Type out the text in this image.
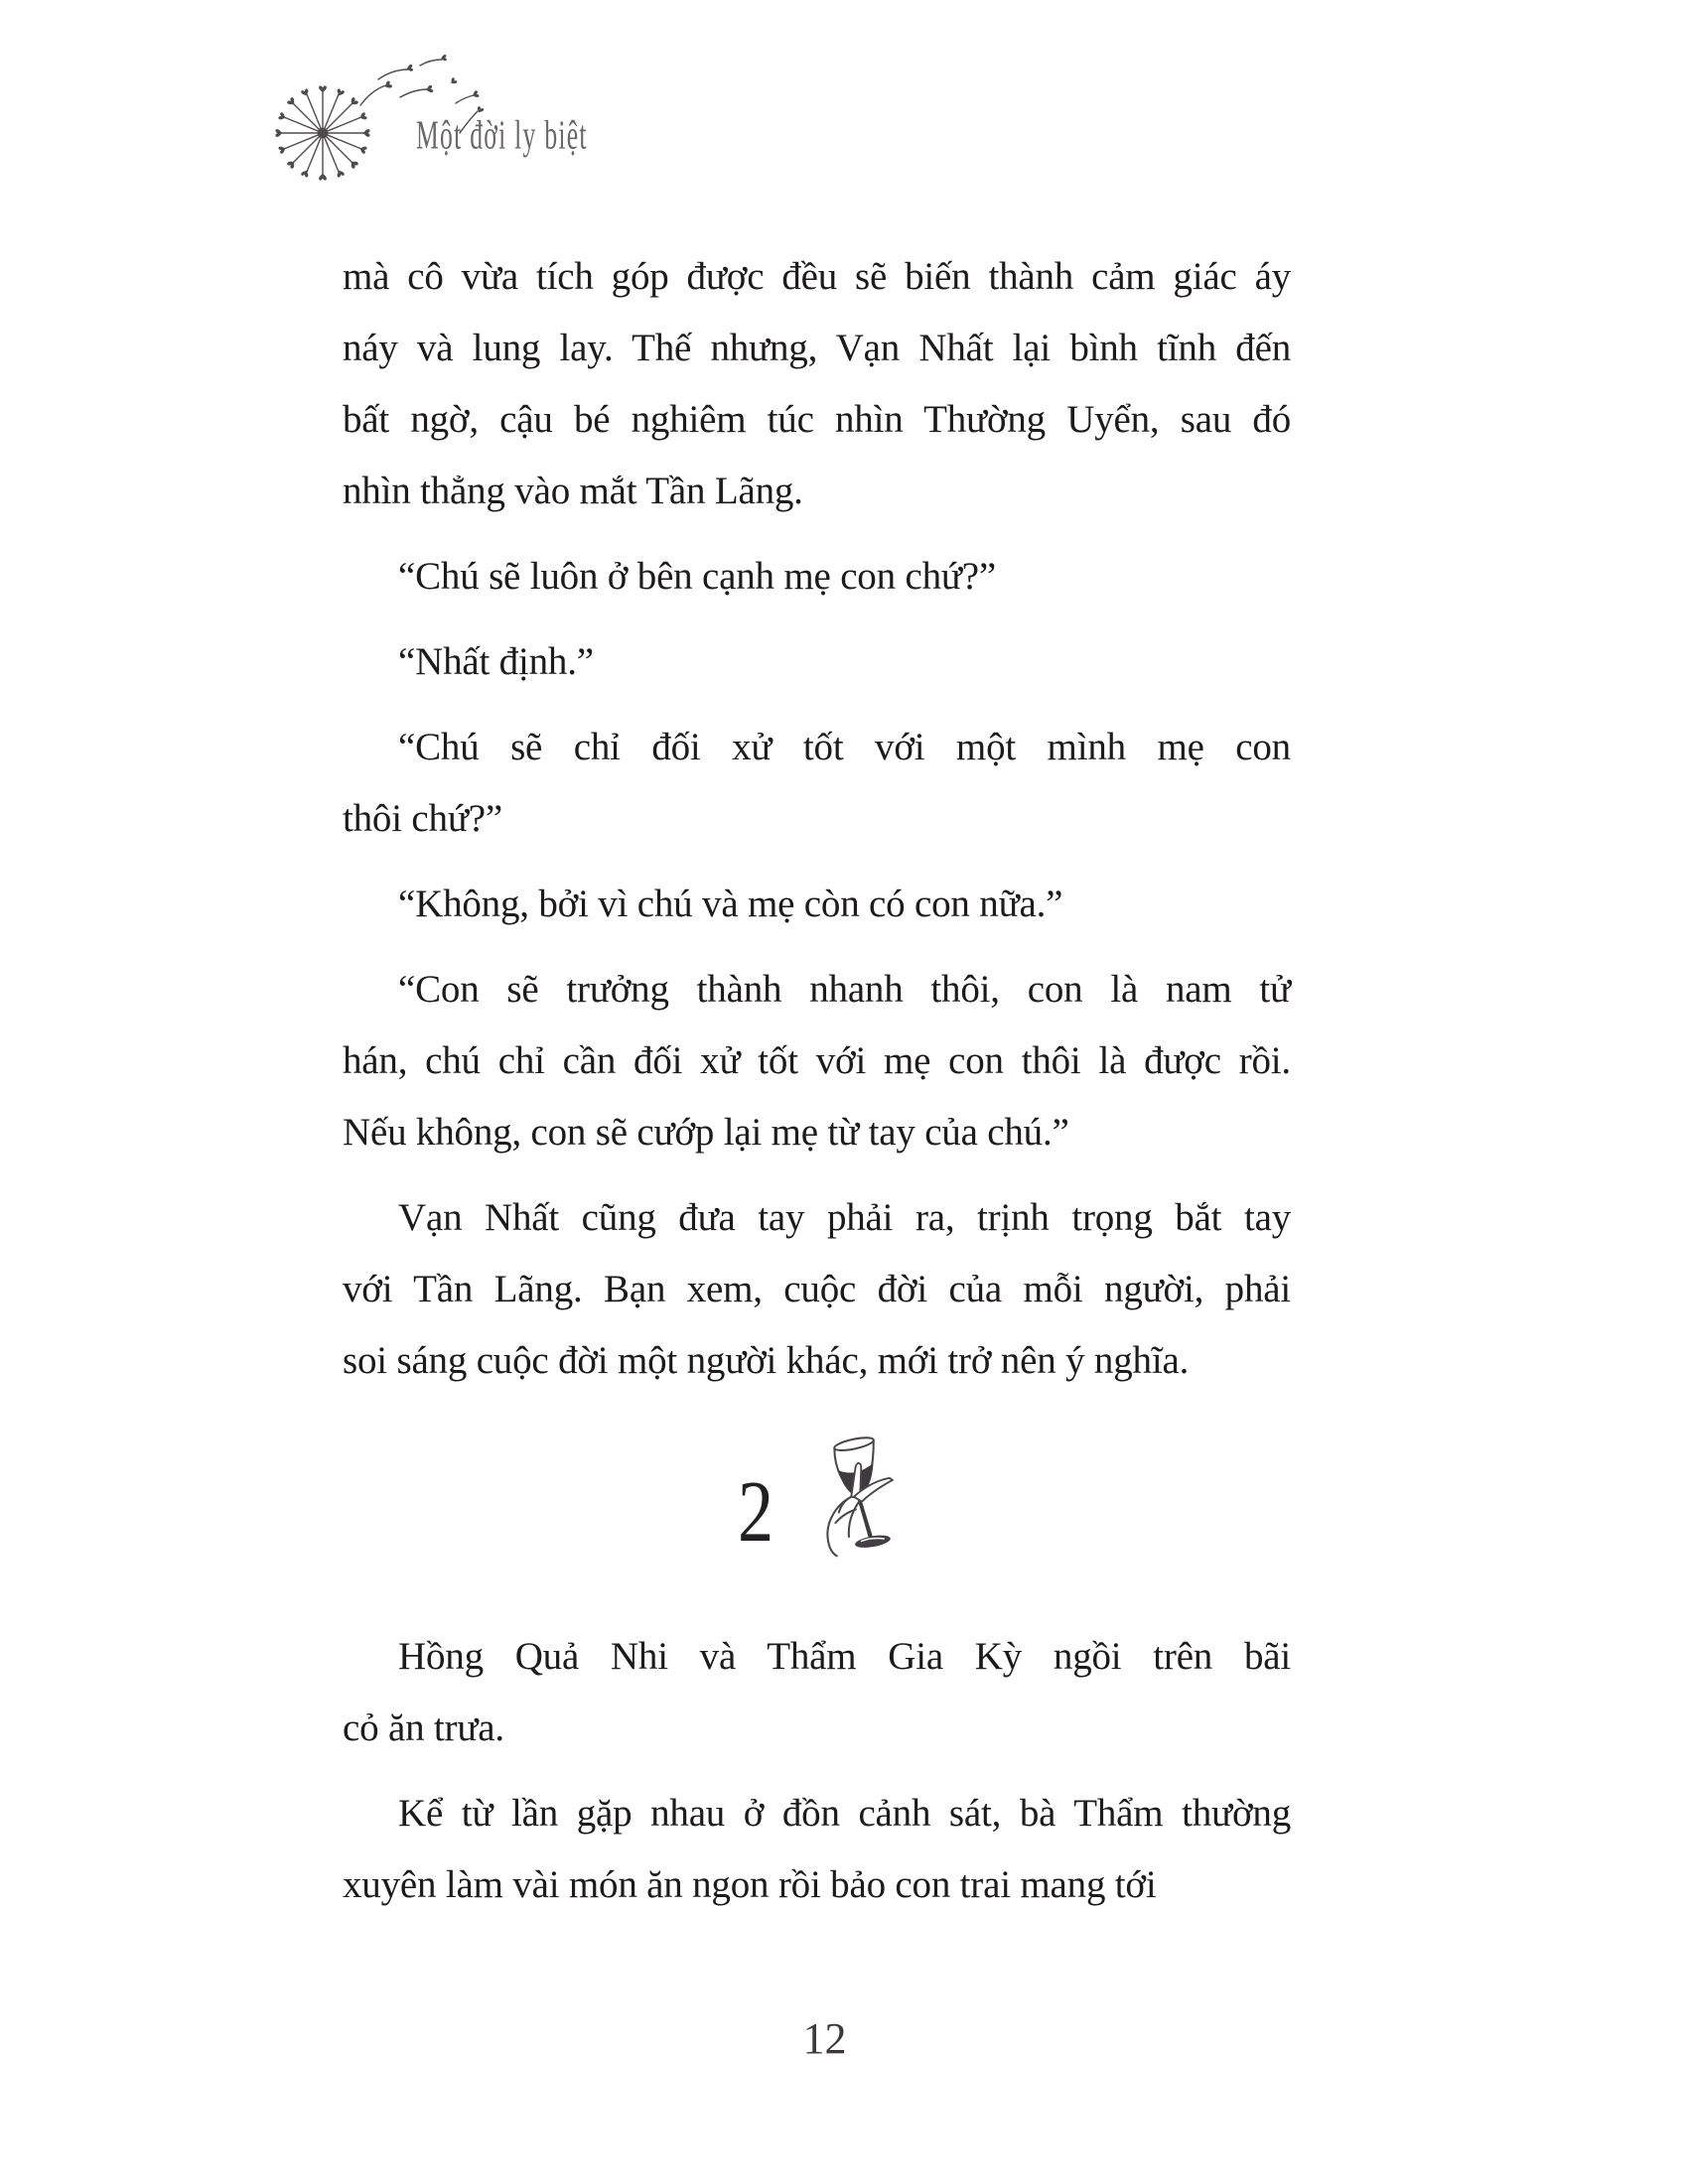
Một đời ly biệt
mà cô vừa tích góp được đều sẽ biến thành cảm giác áy
náy và lung lay. Thế nhưng, Vạn Nhất lại bình tĩnh đến
bất ngờ, cậu bé nghiêm túc nhìn Thường Uyển, sau đó
nhìn thẳng vào mắt Tần Lãng.
“Chú sẽ luôn ở bên cạnh mẹ con chứ?”
“Nhất định.”
“Chú sẽ chỉ đối xử tốt với một mình mẹ con
thôi chứ?”
“Không, bởi vì chú và mẹ còn có con nữa.”
“Con sẽ trưởng thành nhanh thôi, con là nam tử
hán, chú chỉ cần đối xử tốt với mẹ con thôi là được rồi.
Nếu không, con sẽ cướp lại mẹ từ tay của chú.”
Vạn Nhất cũng đưa tay phải ra, trịnh trọng bắt tay
với Tần Lãng. Bạn xem, cuộc đời của mỗi người, phải
soi sáng cuộc đời một người khác, mới trở nên ý nghĩa.
2
Hồng Quả Nhi và Thẩm Gia Kỳ ngồi trên bãi
cỏ ăn trưa.
Kể từ lần gặp nhau ở đồn cảnh sát, bà Thẩm thường
xuyên làm vài món ăn ngon rồi bảo con trai mang tới
12
